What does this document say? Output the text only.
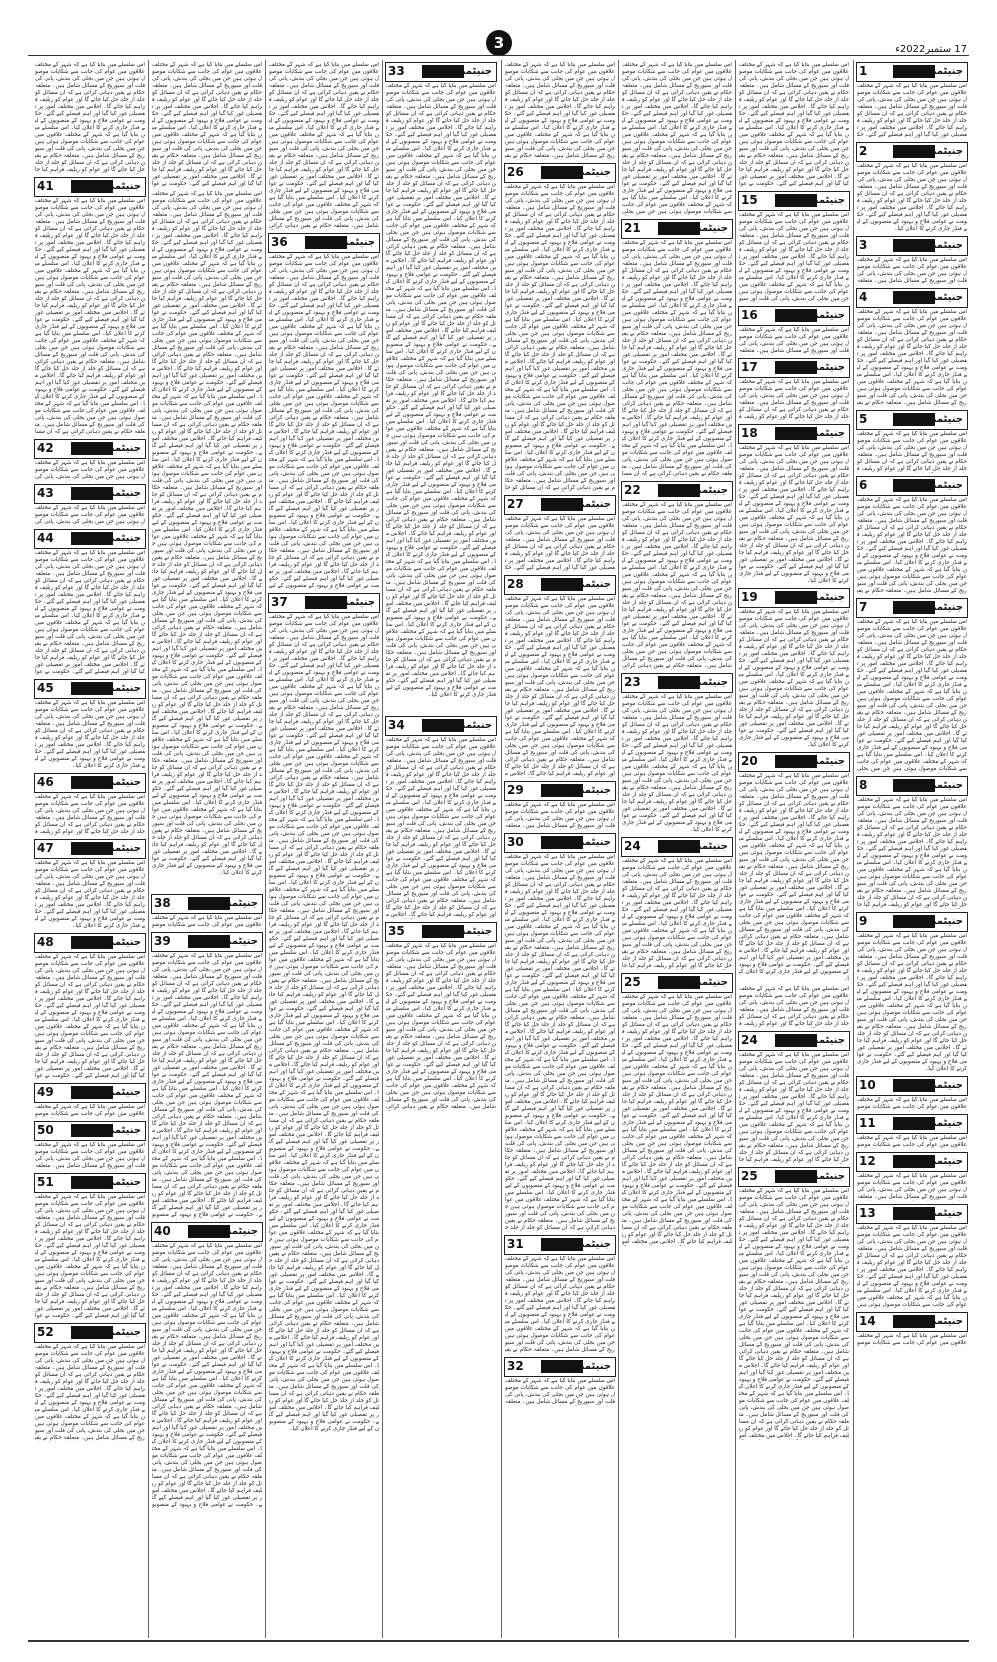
3	17 ستمبر2022ء
1	جنیٹمنر
اس سلسلے میں بتایا گیا ہے کہ شہر کے مختلف علاقوں میں عوام کی جانب سے شکایات موصول ہوئی ہیں جن میں بجلی کی بندش، پانی کی قلت اور سیوریج کے مسائل شامل ہیں۔ متعلقہ حکام نے یقین دہانی کرائی ہے کہ ان مسائل کو جلد از جلد حل کیا جائے گا اور عوام کو ریلیف فراہم کیا جائے گا۔ اجلاس میں مختلف امور پر تفصیلی غور کیا گیا اور اہم فیصلے کیے گئے۔ حک
2	جنیٹمنر
اس سلسلے میں بتایا گیا ہے کہ شہر کے مختلف علاقوں میں عوام کی جانب سے شکایات موصول ہوئی ہیں جن میں بجلی کی بندش، پانی کی قلت اور سیوریج کے مسائل شامل ہیں۔ متعلقہ حکام نے یقین دہانی کرائی ہے کہ ان مسائل کو جلد از جلد حل کیا جائے گا اور عوام کو ریلیف فراہم کیا جائے گا۔ اجلاس میں مختلف امور پر تفصیلی غور کیا گیا اور اہم فیصلے کیے گئے۔ حکومت نے عوامی فلاح و بہبود کے منصوبوں کے لیے فنڈز جاری کرنے کا اعلان کیا۔
3	جنیٹمنر
اس سلسلے میں بتایا گیا ہے کہ شہر کے مختلف علاقوں میں عوام کی جانب سے شکایات موصول ہوئی ہیں جن میں بجلی کی بندش، پانی کی قلت اور سیوریج کے مسائل شامل ہیں۔ متعلقہ
4	جنیٹمنر
اس سلسلے میں بتایا گیا ہے کہ شہر کے مختلف علاقوں میں عوام کی جانب سے شکایات موصول ہوئی ہیں جن میں بجلی کی بندش، پانی کی قلت اور سیوریج کے مسائل شامل ہیں۔ متعلقہ حکام نے یقین دہانی کرائی ہے کہ ان مسائل کو جلد از جلد حل کیا جائے گا اور عوام کو ریلیف فراہم کیا جائے گا۔ اجلاس میں مختلف امور پر تفصیلی غور کیا گیا اور اہم فیصلے کیے گئے۔ حکومت نے عوامی فلاح و بہبود کے منصوبوں کے لیے فنڈز جاری کرنے کا اعلان کیا۔ اس سلسلے میں بتایا گیا ہے کہ شہر کے مختلف علاقوں میں عوام کی جانب سے شکایات موصول ہوئی ہیں جن میں بجلی کی بندش، پانی کی قلت اور سیوریج کے مسائل شامل ہیں۔ متعلقہ حکام نے یقی
5	جنیٹمنر
اس سلسلے میں بتایا گیا ہے کہ شہر کے مختلف علاقوں میں عوام کی جانب سے شکایات موصول ہوئی ہیں جن میں بجلی کی بندش، پانی کی قلت اور سیوریج کے مسائل شامل ہیں۔ متعلقہ حکام نے یقین دہانی کرائی ہے کہ ان مسائل کو جلد از جلد حل کیا جائے گا اور عوام کو ریلیف ف
6	جنیٹمنر
اس سلسلے میں بتایا گیا ہے کہ شہر کے مختلف علاقوں میں عوام کی جانب سے شکایات موصول ہوئی ہیں جن میں بجلی کی بندش، پانی کی قلت اور سیوریج کے مسائل شامل ہیں۔ متعلقہ حکام نے یقین دہانی کرائی ہے کہ ان مسائل کو جلد از جلد حل کیا جائے گا اور عوام کو ریلیف فراہم کیا جائے گا۔ اجلاس میں مختلف امور پر تفصیلی غور کیا گیا اور اہم فیصلے کیے گئے۔ حکومت نے عوامی فلاح و بہبود کے منصوبوں کے لیے فنڈز جاری کرنے کا اعلان کیا۔ اس سلسلے میں بتایا گیا ہے کہ شہر کے مختلف علاقوں میں عوام کی جانب سے شکایات موصول ہوئی ہیں جن میں بجلی کی بندش، پانی کی قلت اور سیوریج کے مسائل شامل ہیں۔ متعلقہ حکام نے یقی
7	جنیٹمنر
اس سلسلے میں بتایا گیا ہے کہ شہر کے مختلف علاقوں میں عوام کی جانب سے شکایات موصول ہوئی ہیں جن میں بجلی کی بندش، پانی کی قلت اور سیوریج کے مسائل شامل ہیں۔ متعلقہ حکام نے یقین دہانی کرائی ہے کہ ان مسائل کو جلد از جلد حل کیا جائے گا اور عوام کو ریلیف فراہم کیا جائے گا۔ اجلاس میں مختلف امور پر تفصیلی غور کیا گیا اور اہم فیصلے کیے گئے۔ حکومت نے عوامی فلاح و بہبود کے منصوبوں کے لیے فنڈز جاری کرنے کا اعلان کیا۔ اس سلسلے میں بتایا گیا ہے کہ شہر کے مختلف علاقوں میں عوام کی جانب سے شکایات موصول ہوئی ہیں جن میں بجلی کی بندش، پانی کی قلت اور سیوریج کے مسائل شامل ہیں۔ متعلقہ حکام نے یقین دہانی کرائی ہے کہ ان مسائل کو جلد از جلد حل کیا جائے گا اور عوام کو ریلیف فراہم کیا جائے گا۔ اجلاس میں مختلف امور پر تفصیلی غور کیا گیا اور اہم فیصلے کیے گئے۔ حکومت نے عوامی فلاح و بہبود کے منصوبوں کے لیے فنڈز جاری کرنے کا اعلان کیا۔ اس سلسلے میں بتایا گیا ہے کہ شہر کے مختلف علاقوں میں عوام کی جانب سے شکایات موصول ہوئی ہیں جن میں بجلی
8	جنیٹمنر
اس سلسلے میں بتایا گیا ہے کہ شہر کے مختلف علاقوں میں عوام کی جانب سے شکایات موصول ہوئی ہیں جن میں بجلی کی بندش، پانی کی قلت اور سیوریج کے مسائل شامل ہیں۔ متعلقہ حکام نے یقین دہانی کرائی ہے کہ ان مسائل کو جلد از جلد حل کیا جائے گا اور عوام کو ریلیف فراہم کیا جائے گا۔ اجلاس میں مختلف امور پر تفصیلی غور کیا گیا اور اہم فیصلے کیے گئے۔ حکومت نے عوامی فلاح و بہبود کے منصوبوں کے لیے فنڈز جاری کرنے کا اعلان کیا۔ اس سلسلے میں بتایا گیا ہے کہ شہر کے مختلف علاقوں میں عوام کی جانب سے شکایات موصول ہوئی ہیں جن میں بجلی کی بندش، پانی کی قلت اور سیوریج کے مسائل شامل ہیں۔ متعلقہ حکام نے یقین دہانی کرائی ہے کہ ان مسائل کو جلد از جلد حل کیا جائے گا اور عوام کو ریلیف فراہم کیا جا
9	جنیٹمنر
اس سلسلے میں بتایا گیا ہے کہ شہر کے مختلف علاقوں میں عوام کی جانب سے شکایات موصول ہوئی ہیں جن میں بجلی کی بندش، پانی کی قلت اور سیوریج کے مسائل شامل ہیں۔ متعلقہ حکام نے یقین دہانی کرائی ہے کہ ان مسائل کو جلد از جلد حل کیا جائے گا اور عوام کو ریلیف فراہم کیا جائے گا۔ اجلاس میں مختلف امور پر تفصیلی غور کیا گیا اور اہم فیصلے کیے گئے۔ حکومت نے عوامی فلاح و بہبود کے منصوبوں کے لیے فنڈز جاری کرنے کا اعلان کیا۔ اس سلسلے میں بتایا گیا ہے کہ شہر کے مختلف علاقوں میں عوام کی جانب سے شکایات موصول ہوئی ہیں جن میں بجلی کی بندش، پانی کی قلت اور سیوریج کے مسائل شامل ہیں۔ متعلقہ حکام نے یقین دہانی کرائی ہے کہ ان مسائل کو جلد از جلد حل کیا جائے گا اور عوام کو ریلیف فراہم کیا جائے گا۔ اجلاس میں مختلف امور پر تفصیلی غور کیا گیا اور اہم فیصلے کیے گئے۔ حکومت نے عوامی فلاح و بہبود کے منصوبوں کے لیے فنڈز جاری کرنے کا اعلان کیا۔
10	جنیٹمنر
اس سلسلے میں بتایا گیا ہے کہ شہر کے مختلف علاقوں میں عوام کی جانب سے شکایات موصو
11	جنیٹمنر
اس سلسلے میں بتایا گیا ہے کہ شہر کے مختلف علاقوں میں عوام کی جانب سے شکایات موصو
12	جنیٹمنر
اس سلسلے میں بتایا گیا ہے کہ شہر کے مختلف علاقوں میں عوام کی جانب سے شکایات موصول ہوئی ہیں جن میں بجلی کی بندش، پانی کی قلت اور سیوریج کے مسائل شامل ہیں۔ متعلقہ
13	جنیٹمنر
اس سلسلے میں بتایا گیا ہے کہ شہر کے مختلف علاقوں میں عوام کی جانب سے شکایات موصول ہوئی ہیں جن میں بجلی کی بندش، پانی کی قلت اور سیوریج کے مسائل شامل ہیں۔ متعلقہ حکام نے یقین دہانی کرائی ہے کہ ان مسائل کو جلد از جلد حل کیا جائے گا اور عوام کو ریلیف فراہم کیا جائے گا۔ اجلاس میں مختلف امور پر تفصیلی غور کیا گیا اور اہم فیصلے کیے گئے۔ حکومت نے عوامی فلاح و بہبود کے منصوبوں کے لیے فنڈز جاری کرنے کا اعلان کیا۔ اس سلسلے میں بتایا گیا ہے کہ شہر کے مختلف علاقوں میں عوام کی جانب سے شکایات موصول ہوئی ہیں
14	جنیٹمنر
اس سلسلے میں بتایا گیا ہے کہ شہر کے مختلف علاقوں میں عوام کی جانب سے شکایات موصو
اس سلسلے میں بتایا گیا ہے کہ شہر کے مختلف علاقوں میں عوام کی جانب سے شکایات موصول ہوئی ہیں جن میں بجلی کی بندش، پانی کی قلت اور سیوریج کے مسائل شامل ہیں۔ متعلقہ حکام نے یقین دہانی کرائی ہے کہ ان مسائل کو جلد از جلد حل کیا جائے گا اور عوام کو ریلیف فراہم کیا جائے گا۔ اجلاس میں مختلف امور پر تفصیلی غور کیا گیا اور اہم فیصلے کیے گئے۔ حکومت نے عوامی فلاح و بہبود کے منصوبوں کے لیے فنڈز جاری کرنے کا اعلان کیا۔ اس سلسلے میں بتایا گیا ہے کہ شہر کے مختلف علاقوں میں عوام کی جانب سے شکایات موصول ہوئی ہیں جن میں بجلی کی بندش، پانی کی قلت اور سیوریج کے مسائل شامل ہیں۔ متعلقہ حکام نے یقین دہانی کرائی ہے کہ ان مسائل کو جلد از جلد حل کیا جائے گا اور عوام کو ریلیف فراہم کیا جائے گا۔ اجلاس میں مختلف امور پر تفصیلی غور کیا گیا اور اہم فیصلے کیے گئے۔ حکومت نے عوا
15	جنیٹمنر
اس سلسلے میں بتایا گیا ہے کہ شہر کے مختلف علاقوں میں عوام کی جانب سے شکایات موصول ہوئی ہیں جن میں بجلی کی بندش، پانی کی قلت اور سیوریج کے مسائل شامل ہیں۔ متعلقہ حکام نے یقین دہانی کرائی ہے کہ ان مسائل کو جلد از جلد حل کیا جائے گا اور عوام کو ریلیف فراہم کیا جائے گا۔ اجلاس میں مختلف امور پر تفصیلی غور کیا گیا اور اہم فیصلے کیے گئے۔ حکومت نے عوامی فلاح و بہبود کے منصوبوں کے لیے فنڈز جاری کرنے کا اعلان کیا۔ اس سلسلے میں بتایا گیا ہے کہ شہر کے مختلف علاقوں میں عوام کی جانب سے شکایات موصول ہوئی ہیں جن میں بجلی کی بندش، پانی کی قلت اور سیو
16	جنیٹمنر
اس سلسلے میں بتایا گیا ہے کہ شہر کے مختلف علاقوں میں عوام کی جانب سے شکایات موصول ہوئی ہیں جن میں بجلی کی بندش، پانی کی قلت اور سیوریج کے مسائل شامل ہیں۔ متعلقہ
17	جنیٹمنر
اس سلسلے میں بتایا گیا ہے کہ شہر کے مختلف علاقوں میں عوام کی جانب سے شکایات موصول ہوئی ہیں جن میں بجلی کی بندش، پانی کی قلت اور سیوریج کے مسائل شامل ہیں۔ متعلقہ حکام نے یقین دہانی کرائی ہے کہ ان مسائل کو جلد از جلد حل کیا جائے گا اور عوام کو ریلیف ف
18	جنیٹمنر
اس سلسلے میں بتایا گیا ہے کہ شہر کے مختلف علاقوں میں عوام کی جانب سے شکایات موصول ہوئی ہیں جن میں بجلی کی بندش، پانی کی قلت اور سیوریج کے مسائل شامل ہیں۔ متعلقہ حکام نے یقین دہانی کرائی ہے کہ ان مسائل کو جلد از جلد حل کیا جائے گا اور عوام کو ریلیف فراہم کیا جائے گا۔ اجلاس میں مختلف امور پر تفصیلی غور کیا گیا اور اہم فیصلے کیے گئے۔ حکومت نے عوامی فلاح و بہبود کے منصوبوں کے لیے فنڈز جاری کرنے کا اعلان کیا۔ اس سلسلے میں بتایا گیا ہے کہ شہر کے مختلف علاقوں میں عوام کی جانب سے شکایات موصول ہوئی ہیں جن میں بجلی کی بندش، پانی کی قلت اور سیوریج کے مسائل شامل ہیں۔ متعلقہ حکام نے یقین دہانی کرائی ہے کہ ان مسائل کو جلد از جلد حل کیا جائے گا اور عوام کو ریلیف فراہم کیا جائے گا۔ اجلاس میں مختلف امور پر تفصیلی غور کیا گیا اور اہم فیصلے کیے گئے۔ حکومت نے عوامی فلاح و بہبود کے منصوبوں کے لیے فنڈز جاری کرنے کا اعلان کیا۔
19	جنیٹمنر
اس سلسلے میں بتایا گیا ہے کہ شہر کے مختلف علاقوں میں عوام کی جانب سے شکایات موصول ہوئی ہیں جن میں بجلی کی بندش، پانی کی قلت اور سیوریج کے مسائل شامل ہیں۔ متعلقہ حکام نے یقین دہانی کرائی ہے کہ ان مسائل کو جلد از جلد حل کیا جائے گا اور عوام کو ریلیف فراہم کیا جائے گا۔ اجلاس میں مختلف امور پر تفصیلی غور کیا گیا اور اہم فیصلے کیے گئے۔ حکومت نے عوامی فلاح و بہبود کے منصوبوں کے لیے فنڈز جاری کرنے کا اعلان کیا۔ اس سلسلے میں بتایا گیا ہے کہ شہر کے مختلف علاقوں میں عوام کی جانب سے شکایات موصول ہوئی ہیں جن میں بجلی کی بندش، پانی کی قلت اور سیوریج کے مسائل شامل ہیں۔ متعلقہ حکام نے یقین دہانی کرائی ہے کہ ان مسائل کو جلد از جلد حل کیا جائے گا اور عوام کو ریلیف فراہم کیا جائے گا۔ اجلاس میں مختلف امور پر تفصیلی غور کیا گیا اور اہم فیصلے کیے گئے۔ حکومت نے عوامی فلاح و بہبود کے منصوبوں کے لیے فنڈز جاری کرنے کا اعلان کیا۔
20	جنیٹمنر
اس سلسلے میں بتایا گیا ہے کہ شہر کے مختلف علاقوں میں عوام کی جانب سے شکایات موصول ہوئی ہیں جن میں بجلی کی بندش، پانی کی قلت اور سیوریج کے مسائل شامل ہیں۔ متعلقہ حکام نے یقین دہانی کرائی ہے کہ ان مسائل کو جلد از جلد حل کیا جائے گا اور عوام کو ریلیف فراہم کیا جائے گا۔ اجلاس میں مختلف امور پر تفصیلی غور کیا گیا اور اہم فیصلے کیے گئے۔ حکومت نے عوامی فلاح و بہبود کے منصوبوں کے لیے فنڈز جاری کرنے کا اعلان کیا۔ اس سلسلے میں بتایا گیا ہے کہ شہر کے مختلف علاقوں میں عوام کی جانب سے شکایات موصول ہوئی ہیں جن میں بجلی کی بندش، پانی کی قلت اور سیوریج کے مسائل شامل ہیں۔ متعلقہ حکام نے یقین دہانی کرائی ہے کہ ان مسائل کو جلد از جلد حل کیا جائے گا اور عوام کو ریلیف فراہم کیا جائے گا۔ اجلاس میں مختلف امور پر تفصیلی غور کیا گیا اور اہم فیصلے کیے گئے۔ حکومت نے عوامی فلاح و بہبود کے منصوبوں کے لیے فنڈز جاری کرنے کا اعلان کیا۔ اس سلسلے میں بتایا گیا ہے کہ شہر کے مختلف علاقوں میں عوام کی جانب سے شکایات موصول ہوئی ہیں جن میں بجلی کی بندش، پانی کی قلت اور سیوریج کے مسائل شامل ہیں۔ متعلقہ حکام نے یقین دہانی کرائی ہے کہ ان مسائل کو جلد از جلد حل کیا جائے گا اور عوام کو ریلیف فراہم کیا جائے گا۔ اجلاس میں مختلف امور پر تفصیلی غور کیا گیا اور اہم فیصلے کیے گئے۔ حکومت نے عوامی فلاح و بہبود کے منصوبوں کے لیے فنڈز جاری کرنے کا اعلان کیا۔
اس سلسلے میں بتایا گیا ہے کہ شہر کے مختلف علاقوں میں عوام کی جانب سے شکایات موصول ہوئی ہیں جن میں بجلی کی بندش، پانی کی قلت اور سیوریج کے مسائل شامل ہیں۔ متعلقہ حکام نے یقین دہانی کرائی ہے کہ ان مسائل کو جلد از جلد حل کیا جائے گا اور عوام کو ریلیف ف
24	جنیٹمنر
اس سلسلے میں بتایا گیا ہے کہ شہر کے مختلف علاقوں میں عوام کی جانب سے شکایات موصول ہوئی ہیں جن میں بجلی کی بندش، پانی کی قلت اور سیوریج کے مسائل شامل ہیں۔ متعلقہ حکام نے یقین دہانی کرائی ہے کہ ان مسائل کو جلد از جلد حل کیا جائے گا اور عوام کو ریلیف فراہم کیا جائے گا۔ اجلاس میں مختلف امور پر تفصیلی غور کیا گیا اور اہم فیصلے کیے گئے۔ حکومت نے عوامی فلاح و بہبود کے منصوبوں کے لیے فنڈز جاری کرنے کا اعلان کیا۔ اس سلسلے میں بتایا گیا ہے کہ شہر کے مختلف علاقوں میں عوام کی جانب سے شکایات موصول ہوئی ہیں جن میں بجلی کی بندش، پانی کی قلت اور سیوریج کے مسائل شامل ہیں۔ متعلقہ حکام نے یقین دہانی کرائی ہے کہ ان مسائل کو جلد از جلد حل کیا جائے گا اور عوام کو ریلیف فراہم کیا جا
25	جنیٹمنر
اس سلسلے میں بتایا گیا ہے کہ شہر کے مختلف علاقوں میں عوام کی جانب سے شکایات موصول ہوئی ہیں جن میں بجلی کی بندش، پانی کی قلت اور سیوریج کے مسائل شامل ہیں۔ متعلقہ حکام نے یقین دہانی کرائی ہے کہ ان مسائل کو جلد از جلد حل کیا جائے گا اور عوام کو ریلیف فراہم کیا جائے گا۔ اجلاس میں مختلف امور پر تفصیلی غور کیا گیا اور اہم فیصلے کیے گئے۔ حکومت نے عوامی فلاح و بہبود کے منصوبوں کے لیے فنڈز جاری کرنے کا اعلان کیا۔ اس سلسلے میں بتایا گیا ہے کہ شہر کے مختلف علاقوں میں عوام کی جانب سے شکایات موصول ہوئی ہیں جن میں بجلی کی بندش، پانی کی قلت اور سیوریج کے مسائل شامل ہیں۔ متعلقہ حکام نے یقین دہانی کرائی ہے کہ ان مسائل کو جلد از جلد حل کیا جائے گا اور عوام کو ریلیف فراہم کیا جائے گا۔ اجلاس میں مختلف امور پر تفصیلی غور کیا گیا اور اہم فیصلے کیے گئے۔ حکومت نے عوامی فلاح و بہبود کے منصوبوں کے لیے فنڈز جاری کرنے کا اعلان کیا۔ اس سلسلے میں بتایا گیا ہے کہ شہر کے مختلف علاقوں میں عوام کی جانب سے شکایات موصول ہوئی ہیں جن میں بجلی کی بندش، پانی کی قلت اور سیوریج کے مسائل شامل ہیں۔ متعلقہ حکام نے یقین دہانی کرائی ہے کہ ان مسائل کو جلد از جلد حل کیا جائے گا اور عوام کو ریلیف فراہم کیا جائے گا۔ اجلاس میں مختلف امور پر تفصیلی غور کیا گیا اور اہم فیصلے کیے گئے۔ حکومت نے عوامی فلاح و بہبود کے منصوبوں کے لیے فنڈز جاری کرنے کا اعلان کیا۔ اس سلسلے میں بتایا گیا ہے کہ شہر کے مختلف علاقوں میں عوام کی جانب سے شکایات موصول ہوئی ہیں جن میں بجلی کی بندش، پانی کی قلت اور سیوریج کے مسائل شامل ہیں۔ متعلقہ حکام نے یقین دہانی کرائی ہے کہ ان مسائل کو جلد از جلد حل کیا جائے گا اور عوام کو ریلیف فراہم کیا جائے گا۔ اجلاس میں مختلف امو
اس سلسلے میں بتایا گیا ہے کہ شہر کے مختلف علاقوں میں عوام کی جانب سے شکایات موصول ہوئی ہیں جن میں بجلی کی بندش، پانی کی قلت اور سیوریج کے مسائل شامل ہیں۔ متعلقہ حکام نے یقین دہانی کرائی ہے کہ ان مسائل کو جلد از جلد حل کیا جائے گا اور عوام کو ریلیف فراہم کیا جائے گا۔ اجلاس میں مختلف امور پر تفصیلی غور کیا گیا اور اہم فیصلے کیے گئے۔ حکومت نے عوامی فلاح و بہبود کے منصوبوں کے لیے فنڈز جاری کرنے کا اعلان کیا۔ اس سلسلے میں بتایا گیا ہے کہ شہر کے مختلف علاقوں میں عوام کی جانب سے شکایات موصول ہوئی ہیں جن میں بجلی کی بندش، پانی کی قلت اور سیوریج کے مسائل شامل ہیں۔ متعلقہ حکام نے یقین دہانی کرائی ہے کہ ان مسائل کو جلد از جلد حل کیا جائے گا اور عوام کو ریلیف فراہم کیا جائے گا۔ اجلاس میں مختلف امور پر تفصیلی غور کیا گیا اور اہم فیصلے کیے گئے۔ حکومت نے عوامی فلاح و بہبود کے منصوبوں کے لیے فنڈز جاری کرنے کا اعلان کیا۔ اس سلسلے میں بتایا گیا ہے کہ شہر کے مختلف علاقوں میں عوام کی جانب سے شکایات موصول ہوئی ہیں جن میں بجلی
21	جنیٹمنر
اس سلسلے میں بتایا گیا ہے کہ شہر کے مختلف علاقوں میں عوام کی جانب سے شکایات موصول ہوئی ہیں جن میں بجلی کی بندش، پانی کی قلت اور سیوریج کے مسائل شامل ہیں۔ متعلقہ حکام نے یقین دہانی کرائی ہے کہ ان مسائل کو جلد از جلد حل کیا جائے گا اور عوام کو ریلیف فراہم کیا جائے گا۔ اجلاس میں مختلف امور پر تفصیلی غور کیا گیا اور اہم فیصلے کیے گئے۔ حکومت نے عوامی فلاح و بہبود کے منصوبوں کے لیے فنڈز جاری کرنے کا اعلان کیا۔ اس سلسلے میں بتایا گیا ہے کہ شہر کے مختلف علاقوں میں عوام کی جانب سے شکایات موصول ہوئی ہیں جن میں بجلی کی بندش، پانی کی قلت اور سیوریج کے مسائل شامل ہیں۔ متعلقہ حکام نے یقین دہانی کرائی ہے کہ ان مسائل کو جلد از جلد حل کیا جائے گا اور عوام کو ریلیف فراہم کیا جائے گا۔ اجلاس میں مختلف امور پر تفصیلی غور کیا گیا اور اہم فیصلے کیے گئے۔ حکومت نے عوامی فلاح و بہبود کے منصوبوں کے لیے فنڈز جاری کرنے کا اعلان کیا۔ اس سلسلے میں بتایا گیا ہے کہ شہر کے مختلف علاقوں میں عوام کی جانب سے شکایات موصول ہوئی ہیں جن میں بجلی کی بندش، پانی کی قلت اور سیوریج کے مسائل شامل ہیں۔ متعلقہ حکام نے یقین دہانی کرائی ہے کہ ان مسائل کو جلد از جلد حل کیا جائے گا اور عوام کو ریلیف فراہم کیا جائے گا۔ اجلاس میں مختلف امور پر تفصیلی غور کیا گیا اور اہم فیصلے کیے گئے۔ حکومت نے عوامی فلاح و بہبود کے منصوبوں کے لیے فنڈز جاری کرنے کا اعلان کیا۔ اس سلسلے میں بتایا گیا ہے کہ شہر کے مختلف علاقوں میں عوام کی جانب سے شکایات موصول ہوئی ہیں جن میں بجلی کی بندش، پانی کی قلت اور سیوریج کے مسائل شامل ہیں۔ متعلقہ حکام نے یقین دہانی کرائی ہے کہ ان مسا
22	جنیٹمنر
اس سلسلے میں بتایا گیا ہے کہ شہر کے مختلف علاقوں میں عوام کی جانب سے شکایات موصول ہوئی ہیں جن میں بجلی کی بندش، پانی کی قلت اور سیوریج کے مسائل شامل ہیں۔ متعلقہ حکام نے یقین دہانی کرائی ہے کہ ان مسائل کو جلد از جلد حل کیا جائے گا اور عوام کو ریلیف فراہم کیا جائے گا۔ اجلاس میں مختلف امور پر تفصیلی غور کیا گیا اور اہم فیصلے کیے گئے۔ حکومت نے عوامی فلاح و بہبود کے منصوبوں کے لیے فنڈز جاری کرنے کا اعلان کیا۔ اس سلسلے میں بتایا گیا ہے کہ شہر کے مختلف علاقوں میں عوام کی جانب سے شکایات موصول ہوئی ہیں جن میں بجلی کی بندش، پانی کی قلت اور سیوریج کے مسائل شامل ہیں۔ متعلقہ حکام نے یقین دہانی کرائی ہے کہ ان مسائل کو جلد از جلد حل کیا جائے گا اور عوام کو ریلیف فراہم کیا جائے گا۔ اجلاس میں مختلف امور پر تفصیلی غور کیا گیا اور اہم فیصلے کیے گئے۔ حکومت نے عوامی فلاح و بہبود کے منصوبوں کے لیے فنڈز جاری کرنے کا اعلان کیا۔ اس سلسلے میں بتایا گیا ہے کہ شہر کے مختلف علاقوں میں عوام کی جانب سے شکایات موصول ہوئی ہیں جن میں بجلی کی بندش، پانی کی قلت اور سیوریج کے مسائل شامل ہیں۔ متعلقہ حکام نے یقین دہانی کرائی
23	جنیٹمنر
اس سلسلے میں بتایا گیا ہے کہ شہر کے مختلف علاقوں میں عوام کی جانب سے شکایات موصول ہوئی ہیں جن میں بجلی کی بندش، پانی کی قلت اور سیوریج کے مسائل شامل ہیں۔ متعلقہ حکام نے یقین دہانی کرائی ہے کہ ان مسائل کو جلد از جلد حل کیا جائے گا اور عوام کو ریلیف فراہم کیا جائے گا۔ اجلاس میں مختلف امور پر تفصیلی غور کیا گیا اور اہم فیصلے کیے گئے۔ حکومت نے عوامی فلاح و بہبود کے منصوبوں کے لیے فنڈز جاری کرنے کا اعلان کیا۔ اس سلسلے میں بتایا گیا ہے کہ شہر کے مختلف علاقوں میں عوام کی جانب سے شکایات موصول ہوئی ہیں جن میں بجلی کی بندش، پانی کی قلت اور سیوریج کے مسائل شامل ہیں۔ متعلقہ حکام نے یقین دہانی کرائی ہے کہ ان مسائل کو جلد از جلد حل کیا جائے گا اور عوام کو ریلیف فراہم کیا جائے گا۔ اجلاس میں مختلف امور پر تفصیلی غور کیا گیا اور اہم فیصلے کیے گئے۔ حکومت نے عوامی فلاح و بہبود کے منصوبوں کے لیے فنڈز جاری کرنے کا اعلان کیا۔
24	جنیٹمنر
اس سلسلے میں بتایا گیا ہے کہ شہر کے مختلف علاقوں میں عوام کی جانب سے شکایات موصول ہوئی ہیں جن میں بجلی کی بندش، پانی کی قلت اور سیوریج کے مسائل شامل ہیں۔ متعلقہ حکام نے یقین دہانی کرائی ہے کہ ان مسائل کو جلد از جلد حل کیا جائے گا اور عوام کو ریلیف فراہم کیا جائے گا۔ اجلاس میں مختلف امور پر تفصیلی غور کیا گیا اور اہم فیصلے کیے گئے۔ حکومت نے عوامی فلاح و بہبود کے منصوبوں کے لیے فنڈز جاری کرنے کا اعلان کیا۔ اس سلسلے میں بتایا گیا ہے کہ شہر کے مختلف علاقوں میں عوام کی جانب سے شکایات موصول ہوئی ہیں جن میں بجلی کی بندش، پانی کی قلت اور سیوریج کے مسائل شامل ہیں۔ متعلقہ حکام نے یقین دہانی کرائی ہے کہ ان مسائل کو جلد از جلد حل کیا جائے گا اور عوام کو ریلیف فراہم کیا جا
25	جنیٹمنر
اس سلسلے میں بتایا گیا ہے کہ شہر کے مختلف علاقوں میں عوام کی جانب سے شکایات موصول ہوئی ہیں جن میں بجلی کی بندش، پانی کی قلت اور سیوریج کے مسائل شامل ہیں۔ متعلقہ حکام نے یقین دہانی کرائی ہے کہ ان مسائل کو جلد از جلد حل کیا جائے گا اور عوام کو ریلیف فراہم کیا جائے گا۔ اجلاس میں مختلف امور پر تفصیلی غور کیا گیا اور اہم فیصلے کیے گئے۔ حکومت نے عوامی فلاح و بہبود کے منصوبوں کے لیے فنڈز جاری کرنے کا اعلان کیا۔ اس سلسلے میں بتایا گیا ہے کہ شہر کے مختلف علاقوں میں عوام کی جانب سے شکایات موصول ہوئی ہیں جن میں بجلی کی بندش، پانی کی قلت اور سیوریج کے مسائل شامل ہیں۔ متعلقہ حکام نے یقین دہانی کرائی ہے کہ ان مسائل کو جلد از جلد حل کیا جائے گا اور عوام کو ریلیف فراہم کیا جائے گا۔ اجلاس میں مختلف امور پر تفصیلی غور کیا گیا اور اہم فیصلے کیے گئے۔ حکومت نے عوامی فلاح و بہبود کے منصوبوں کے لیے فنڈز جاری کرنے کا اعلان کیا۔ اس سلسلے میں بتایا گیا ہے کہ شہر کے مختلف علاقوں میں عوام کی جانب سے شکایات موصول ہوئی ہیں جن میں بجلی کی بندش، پانی کی قلت اور سیوریج کے مسائل شامل ہیں۔ متعلقہ حکام نے یقین دہانی کرائی ہے کہ ان مسائل کو جلد از جلد حل کیا جائے گا اور عوام کو ریلیف فراہم کیا جائے گا۔ اجلاس میں مختلف امور پر تفصیلی غور کیا گیا اور اہم فیصلے کیے گئے۔ حکومت نے عوامی فلاح و بہبود کے منصوبوں کے لیے فنڈز جاری کرنے کا اعلان کیا۔ اس سلسلے میں بتایا گیا ہے کہ شہر کے مختلف علاقوں میں عوام کی جانب سے شکایات موصول ہوئی ہیں جن میں بجلی کی بندش، پانی کی قلت اور سیوریج کے مسائل شامل ہیں۔ متعلقہ حکام نے یقین دہانی کرائی ہے کہ ان مسائل کو جلد از جلد حل کیا جائے گا اور عوام کو ریلیف فراہم کیا جائے گا۔ اجلاس میں مختلف امو
اس سلسلے میں بتایا گیا ہے کہ شہر کے مختلف علاقوں میں عوام کی جانب سے شکایات موصول ہوئی ہیں جن میں بجلی کی بندش، پانی کی قلت اور سیوریج کے مسائل شامل ہیں۔ متعلقہ حکام نے یقین دہانی کرائی ہے کہ ان مسائل کو جلد از جلد حل کیا جائے گا اور عوام کو ریلیف فراہم کیا جائے گا۔ اجلاس میں مختلف امور پر تفصیلی غور کیا گیا اور اہم فیصلے کیے گئے۔ حکومت نے عوامی فلاح و بہبود کے منصوبوں کے لیے فنڈز جاری کرنے کا اعلان کیا۔ اس سلسلے میں بتایا گیا ہے کہ شہر کے مختلف علاقوں میں عوام کی جانب سے شکایات موصول ہوئی ہیں جن میں بجلی کی بندش، پانی کی قلت اور سیوریج کے مسائل شامل ہیں۔ متعلقہ حکام نے یقی
26	جنیٹمنر
اس سلسلے میں بتایا گیا ہے کہ شہر کے مختلف علاقوں میں عوام کی جانب سے شکایات موصول ہوئی ہیں جن میں بجلی کی بندش، پانی کی قلت اور سیوریج کے مسائل شامل ہیں۔ متعلقہ حکام نے یقین دہانی کرائی ہے کہ ان مسائل کو جلد از جلد حل کیا جائے گا اور عوام کو ریلیف فراہم کیا جائے گا۔ اجلاس میں مختلف امور پر تفصیلی غور کیا گیا اور اہم فیصلے کیے گئے۔ حکومت نے عوامی فلاح و بہبود کے منصوبوں کے لیے فنڈز جاری کرنے کا اعلان کیا۔ اس سلسلے میں بتایا گیا ہے کہ شہر کے مختلف علاقوں میں عوام کی جانب سے شکایات موصول ہوئی ہیں جن میں بجلی کی بندش، پانی کی قلت اور سیوریج کے مسائل شامل ہیں۔ متعلقہ حکام نے یقین دہانی کرائی ہے کہ ان مسائل کو جلد از جلد حل کیا جائے گا اور عوام کو ریلیف فراہم کیا جائے گا۔ اجلاس میں مختلف امور پر تفصیلی غور کیا گیا اور اہم فیصلے کیے گئے۔ حکومت نے عوامی فلاح و بہبود کے منصوبوں کے لیے فنڈز جاری کرنے کا اعلان کیا۔ اس سلسلے میں بتایا گیا ہے کہ شہر کے مختلف علاقوں میں عوام کی جانب سے شکایات موصول ہوئی ہیں جن میں بجلی کی بندش، پانی کی قلت اور سیوریج کے مسائل شامل ہیں۔ متعلقہ حکام نے یقین دہانی کرائی ہے کہ ان مسائل کو جلد از جلد حل کیا جائے گا اور عوام کو ریلیف فراہم کیا جائے گا۔ اجلاس میں مختلف امور پر تفصیلی غور کیا گیا اور اہم فیصلے کیے گئے۔ حکومت نے عوامی فلاح و بہبود کے منصوبوں کے لیے فنڈز جاری کرنے کا اعلان کیا۔ اس سلسلے میں بتایا گیا ہے کہ شہر کے مختلف علاقوں میں عوام کی جانب سے شکایات موصول ہوئی ہیں جن میں بجلی کی بندش، پانی کی قلت اور سیوریج کے مسائل شامل ہیں۔ متعلقہ حکام نے یقین دہانی کرائی ہے کہ ان مسائل کو جلد از جلد حل کیا جائے گا اور عوام کو ریلیف فراہم کیا جائے گا۔ اجلاس میں مختلف امور پر تفصیلی غور کیا گیا اور اہم فیصلے کیے گئے۔ حکومت نے عوامی فلاح و بہبود کے منصوبوں کے لیے فنڈز جاری کرنے کا اعلان کیا۔ اس سلسلے میں بتایا گیا ہے کہ شہر کے مختلف علاقوں میں عوام کی جانب سے شکایات موصول ہوئی ہیں جن میں بجلی کی بندش، پانی کی قلت اور سیوریج کے مسائل شامل ہیں۔ متعلقہ حکام نے یقین دہانی کرائی ہے کہ ان مسائل کو جل
27	جنیٹمنر
اس سلسلے میں بتایا گیا ہے کہ شہر کے مختلف علاقوں میں عوام کی جانب سے شکایات موصول ہوئی ہیں جن میں بجلی کی بندش، پانی کی قلت اور سیوریج کے مسائل شامل ہیں۔ متعلقہ حکام نے یقین دہانی کرائی ہے کہ ان مسائل کو جلد از جلد حل کیا جائے گا اور عوام کو ریلیف فراہم کیا جائے گا۔ اجلاس میں مختلف امور پر تفصیلی غور کیا گیا اور اہم فیصلے کیے گئے۔ حک
28	جنیٹمنر
اس سلسلے میں بتایا گیا ہے کہ شہر کے مختلف علاقوں میں عوام کی جانب سے شکایات موصول ہوئی ہیں جن میں بجلی کی بندش، پانی کی قلت اور سیوریج کے مسائل شامل ہیں۔ متعلقہ حکام نے یقین دہانی کرائی ہے کہ ان مسائل کو جلد از جلد حل کیا جائے گا اور عوام کو ریلیف فراہم کیا جائے گا۔ اجلاس میں مختلف امور پر تفصیلی غور کیا گیا اور اہم فیصلے کیے گئے۔ حکومت نے عوامی فلاح و بہبود کے منصوبوں کے لیے فنڈز جاری کرنے کا اعلان کیا۔ اس سلسلے میں بتایا گیا ہے کہ شہر کے مختلف علاقوں میں عوام کی جانب سے شکایات موصول ہوئی ہیں جن میں بجلی کی بندش، پانی کی قلت اور سیوریج کے مسائل شامل ہیں۔ متعلقہ حکام نے یقین دہانی کرائی ہے کہ ان مسائل کو جلد از جلد حل کیا جائے گا اور عوام کو ریلیف فراہم کیا جائے گا۔ اجلاس میں مختلف امور پر تفصیلی غور کیا گیا اور اہم فیصلے کیے گئے۔ حکومت نے عوامی فلاح و بہبود کے منصوبوں کے لیے فنڈز جاری کرنے کا اعلان کیا۔ اس سلسلے میں بتایا گیا ہے کہ شہر کے مختلف علاقوں میں عوام کی جانب سے شکایات موصول ہوئی ہیں جن میں بجلی کی بندش، پانی کی قلت اور سیوریج کے مسائل شامل ہیں۔ متعلقہ حکام نے یقین دہانی کرائی ہے کہ ان مسائل کو جلد از جلد حل کیا جائے گا اور عوام کو ریلیف فراہم کیا جائے گا۔ اجلاس م
29	جنیٹمنر
اس سلسلے میں بتایا گیا ہے کہ شہر کے مختلف علاقوں میں عوام کی جانب سے شکایات موصول ہوئی ہیں جن میں بجلی کی بندش، پانی کی قلت اور سیوریج کے مسائل شامل ہیں۔ متعلقہ
30	جنیٹمنر
اس سلسلے میں بتایا گیا ہے کہ شہر کے مختلف علاقوں میں عوام کی جانب سے شکایات موصول ہوئی ہیں جن میں بجلی کی بندش، پانی کی قلت اور سیوریج کے مسائل شامل ہیں۔ متعلقہ حکام نے یقین دہانی کرائی ہے کہ ان مسائل کو جلد از جلد حل کیا جائے گا اور عوام کو ریلیف فراہم کیا جائے گا۔ اجلاس میں مختلف امور پر تفصیلی غور کیا گیا اور اہم فیصلے کیے گئے۔ حکومت نے عوامی فلاح و بہبود کے منصوبوں کے لیے فنڈز جاری کرنے کا اعلان کیا۔ اس سلسلے میں بتایا گیا ہے کہ شہر کے مختلف علاقوں میں عوام کی جانب سے شکایات موصول ہوئی ہیں جن میں بجلی کی بندش، پانی کی قلت اور سیوریج کے مسائل شامل ہیں۔ متعلقہ حکام نے یقین دہانی کرائی ہے کہ ان مسائل کو جلد از جلد حل کیا جائے گا اور عوام کو ریلیف فراہم کیا جائے گا۔ اجلاس میں مختلف امور پر تفصیلی غور کیا گیا اور اہم فیصلے کیے گئے۔ حکومت نے عوامی فلاح و بہبود کے منصوبوں کے لیے فنڈز جاری کرنے کا اعلان کیا۔ اس سلسلے میں بتایا گیا ہے کہ شہر کے مختلف علاقوں میں عوام کی جانب سے شکایات موصول ہوئی ہیں جن میں بجلی کی بندش، پانی کی قلت اور سیوریج کے مسائل شامل ہیں۔ متعلقہ حکام نے یقین دہانی کرائی ہے کہ ان مسائل کو جلد از جلد حل کیا جائے گا اور عوام کو ریلیف فراہم کیا جائے گا۔ اجلاس میں مختلف امور پر تفصیلی غور کیا گیا اور اہم فیصلے کیے گئے۔ حکومت نے عوامی فلاح و بہبود کے منصوبوں کے لیے فنڈز جاری کرنے کا اعلان کیا۔ اس سلسلے میں بتایا گیا ہے کہ شہر کے مختلف علاقوں میں عوام کی جانب سے شکایات موصول ہوئی ہیں جن میں بجلی کی بندش، پانی کی قلت اور سیوریج کے مسائل شامل ہیں۔ متعلقہ حکام نے یقین دہانی کرائی ہے کہ ان مسائل کو جلد از جلد حل کیا جائے گا اور عوام کو ریلیف فراہم کیا جائے گا۔ اجلاس میں مختلف امور پر تفصیلی غور کیا گیا اور اہم فیصلے کیے گئے۔ حکومت نے عوامی فلاح و بہبود کے منصوبوں کے لیے فنڈز جاری کرنے کا اعلان کیا۔ اس سلسلے میں بتایا گیا ہے کہ شہر کے مختلف علاقوں میں عوام کی جانب سے شکایات موصول ہوئی ہیں جن میں بجلی کی بندش، پانی کی قلت اور سیوریج کے مسائل شامل ہیں۔ متعلقہ حکام نے یقین دہانی کرائی ہے کہ ان مسائل کو جلد از جلد حل کیا جائے گا اور عوام کو ریلیف فراہم کیا جائے گا۔ اجلاس میں مختلف امور پر تفصیلی غور کیا گیا اور اہم فیصلے کیے گئے۔ حکومت نے عوامی فلاح و بہبود کے منصوبوں کے لیے فنڈز جاری کرنے کا اعلان کیا۔ اس سلسلے میں بتایا گیا ہے کہ شہر کے مختلف علاقوں میں عوام کی جانب سے شکایات موصول ہوئی ہیں جن میں بجلی کی بندش، پانی کی قلت اور سیوریج کے مسائل شامل ہیں۔ متعلقہ حکام نے یقین دہانی کرائی ہے کہ ان مسائل کو جلد از جلد ح
31	جنیٹمنر
اس سلسلے میں بتایا گیا ہے کہ شہر کے مختلف علاقوں میں عوام کی جانب سے شکایات موصول ہوئی ہیں جن میں بجلی کی بندش، پانی کی قلت اور سیوریج کے مسائل شامل ہیں۔ متعلقہ حکام نے یقین دہانی کرائی ہے کہ ان مسائل کو جلد از جلد حل کیا جائے گا اور عوام کو ریلیف فراہم کیا جائے گا۔ اجلاس میں مختلف امور پر تفصیلی غور کیا گیا اور اہم فیصلے کیے گئے۔ حکومت نے عوامی فلاح و بہبود کے منصوبوں کے لیے فنڈز جاری کرنے کا اعلان کیا۔ اس سلسلے میں بتایا گیا ہے کہ شہر کے مختلف علاقوں میں عوام کی جانب سے شکایات موصول ہوئی ہیں جن میں بجلی کی بندش، پانی کی قلت اور سیوریج کے مسائل شامل ہیں۔ متعلقہ حکام نے یقی
32	جنیٹمنر
اس سلسلے میں بتایا گیا ہے کہ شہر کے مختلف علاقوں میں عوام کی جانب سے شکایات موصول ہوئی ہیں جن میں بجلی کی بندش، پانی کی قلت اور سیوریج کے مسائل شامل ہیں۔ متعلقہ
33	جنیٹمنر
اس سلسلے میں بتایا گیا ہے کہ شہر کے مختلف علاقوں میں عوام کی جانب سے شکایات موصول ہوئی ہیں جن میں بجلی کی بندش، پانی کی قلت اور سیوریج کے مسائل شامل ہیں۔ متعلقہ حکام نے یقین دہانی کرائی ہے کہ ان مسائل کو جلد از جلد حل کیا جائے گا اور عوام کو ریلیف فراہم کیا جائے گا۔ اجلاس میں مختلف امور پر تفصیلی غور کیا گیا اور اہم فیصلے کیے گئے۔ حکومت نے عوامی فلاح و بہبود کے منصوبوں کے لیے فنڈز جاری کرنے کا اعلان کیا۔ اس سلسلے میں بتایا گیا ہے کہ شہر کے مختلف علاقوں میں عوام کی جانب سے شکایات موصول ہوئی ہیں جن میں بجلی کی بندش، پانی کی قلت اور سیوریج کے مسائل شامل ہیں۔ متعلقہ حکام نے یقین دہانی کرائی ہے کہ ان مسائل کو جلد از جلد حل کیا جائے گا اور عوام کو ریلیف فراہم کیا جائے گا۔ اجلاس میں مختلف امور پر تفصیلی غور کیا گیا اور اہم فیصلے کیے گئے۔ حکومت نے عوامی فلاح و بہبود کے منصوبوں کے لیے فنڈز جاری کرنے کا اعلان کیا۔ اس سلسلے میں بتایا گیا ہے کہ شہر کے مختلف علاقوں میں عوام کی جانب سے شکایات موصول ہوئی ہیں جن میں بجلی کی بندش، پانی کی قلت اور سیوریج کے مسائل شامل ہیں۔ متعلقہ حکام نے یقین دہانی کرائی ہے کہ ان مسائل کو جلد از جلد حل کیا جائے گا اور عوام کو ریلیف فراہم کیا جائے گا۔ اجلاس میں مختلف امور پر تفصیلی غور کیا گیا اور اہم فیصلے کیے گئے۔ حکومت نے عوامی فلاح و بہبود کے منصوبوں کے لیے فنڈز جاری کرنے کا اعلان کیا۔ اس سلسلے میں بتایا گیا ہے کہ شہر کے مختلف علاقوں میں عوام کی جانب سے شکایات موصول ہوئی ہیں جن میں بجلی کی بندش، پانی کی قلت اور سیوریج کے مسائل شامل ہیں۔ متعلقہ حکام نے یقین دہانی کرائی ہے کہ ان مسائل کو جلد از جلد حل کیا جائے گا اور عوام کو ریلیف فراہم کیا جائے گا۔ اجلاس میں مختلف امور پر تفصیلی غور کیا گیا اور اہم فیصلے کیے گئے۔ حکومت نے عوامی فلاح و بہبود کے منصوبوں کے لیے فنڈز جاری کرنے کا اعلان کیا۔ اس سلسلے میں بتایا گیا ہے کہ شہر کے مختلف علاقوں میں عوام کی جانب سے شکایات موصول ہوئی ہیں جن میں بجلی کی بندش، پانی کی قلت اور سیوریج کے مسائل شامل ہیں۔ متعلقہ حکام نے یقین دہانی کرائی ہے کہ ان مسائل کو جلد از جلد حل کیا جائے گا اور عوام کو ریلیف فراہم کیا جائے گا۔ اجلاس میں مختلف امور پر تفصیلی غور کیا گیا اور اہم فیصلے کیے گئے۔ حکومت نے عوامی فلاح و بہبود کے منصوبوں کے لیے فنڈز جاری کرنے کا اعلان کیا۔ اس سلسلے میں بتایا گیا ہے کہ شہر کے مختلف علاقوں میں عوام کی جانب سے شکایات موصول ہوئی ہیں جن میں بجلی کی بندش، پانی کی قلت اور سیوریج کے مسائل شامل ہیں۔ متعلقہ حکام نے یقین دہانی کرائی ہے کہ ان مسائل کو جلد از جلد حل کیا جائے گا اور عوام کو ریلیف فراہم کیا جائے گا۔ اجلاس میں مختلف امور پر تفصیلی غور کیا گیا اور اہم فیصلے کیے گئے۔ حکومت نے عوامی فلاح و بہبود کے منصوبوں کے لیے فنڈز جاری کرنے کا اعلان کیا۔ اس سلسلے میں بتایا گیا ہے کہ شہر کے مختلف علاقوں میں عوام کی جانب سے شکایات موصول ہوئی ہیں جن میں بجلی کی بندش، پانی کی قلت اور سیوریج کے مسائل شامل ہیں۔ متعلقہ حکام نے یقین دہانی کرائی ہے کہ ان مسائل کو جلد از جلد حل کیا جائے گا اور عوام کو ریلیف فراہم کیا جائے گا۔ اجلاس میں مختلف امور پر تفصیلی غور کیا گیا اور اہم فیصلے کیے گئے۔ حکومت نے عوامی فلاح و بہبود کے منصوبوں کے لیے فنڈز جاری کرنے کا اعلان کیا۔ اس سلسلے میں بتایا گیا ہے کہ شہر کے مختلف علاقوں میں عوام کی جانب سے شکایات موصول ہوئی ہیں جن میں بجلی کی بندش، پانی کی قلت اور سیوریج کے مسائل شامل ہیں۔ متعلقہ حکام نے یقین دہانی کرائی ہے کہ ان مسائل کو جلد از جلد حل کیا جائے گا اور عوام کو ریلیف فراہم کیا جائے گا۔ اجلاس میں مختلف امور پر تفصیلی غور کیا گیا اور اہم فیصلے کیے گئے۔ حکومت نے عوامی فلاح و بہبود کے منصوبوں کے لیے فنڈز جاری کرنے کا اعلان کیا۔ اس سلسلے میں بتایا گیا ہے کہ شہر کے مختلف علاقوں میں عوام کی جانب سے شکایات موصول ہوئی ہیں جن میں بجلی کی بندش، پانی کی قلت اور سیوریج کے مسائل شامل ہیں۔ متعلقہ حکام نے یقین دہانی کرائی ہے کہ ان مسائل کو جلد از جلد حل کیا جائے گا اور عوام کو ریلیف فراہم کیا جائے گا۔ اجلاس میں مختلف امور پر تفصیلی غور کیا گیا اور اہم فیصلے کیے گئے۔ حکومت نے عوامی فلاح و بہبود کے منصوبوں کے لیے فنڈز جاری کرنے کا اعلان کیا۔
34	جنیٹمنر
اس سلسلے میں بتایا گیا ہے کہ شہر کے مختلف علاقوں میں عوام کی جانب سے شکایات موصول ہوئی ہیں جن میں بجلی کی بندش، پانی کی قلت اور سیوریج کے مسائل شامل ہیں۔ متعلقہ حکام نے یقین دہانی کرائی ہے کہ ان مسائل کو جلد از جلد حل کیا جائے گا اور عوام کو ریلیف فراہم کیا جائے گا۔ اجلاس میں مختلف امور پر تفصیلی غور کیا گیا اور اہم فیصلے کیے گئے۔ حکومت نے عوامی فلاح و بہبود کے منصوبوں کے لیے فنڈز جاری کرنے کا اعلان کیا۔ اس سلسلے میں بتایا گیا ہے کہ شہر کے مختلف علاقوں میں عوام کی جانب سے شکایات موصول ہوئی ہیں جن میں بجلی کی بندش، پانی کی قلت اور سیوریج کے مسائل شامل ہیں۔ متعلقہ حکام نے یقین دہانی کرائی ہے کہ ان مسائل کو جلد از جلد حل کیا جائے گا اور عوام کو ریلیف فراہم کیا جائے گا۔ اجلاس میں مختلف امور پر تفصیلی غور کیا گیا اور اہم فیصلے کیے گئے۔ حکومت نے عوامی فلاح و بہبود کے منصوبوں کے لیے فنڈز جاری کرنے کا اعلان کیا۔ اس سلسلے میں بتایا گیا ہے کہ شہر کے مختلف علاقوں میں عوام کی جانب سے شکایات موصول ہوئی ہیں جن میں بجلی کی بندش، پانی کی قلت اور سیوریج کے مسائل شامل ہیں۔ متعلقہ حکام نے یقین دہانی کرائی ہے کہ ان مسائل کو جلد از جلد حل کیا جائے گا اور عوام کو ریلیف فراہم کیا جائے گا۔ اجلاس م
35	جنیٹمنر
اس سلسلے میں بتایا گیا ہے کہ شہر کے مختلف علاقوں میں عوام کی جانب سے شکایات موصول ہوئی ہیں جن میں بجلی کی بندش، پانی کی قلت اور سیوریج کے مسائل شامل ہیں۔ متعلقہ حکام نے یقین دہانی کرائی ہے کہ ان مسائل کو جلد از جلد حل کیا جائے گا اور عوام کو ریلیف فراہم کیا جائے گا۔ اجلاس میں مختلف امور پر تفصیلی غور کیا گیا اور اہم فیصلے کیے گئے۔ حکومت نے عوامی فلاح و بہبود کے منصوبوں کے لیے فنڈز جاری کرنے کا اعلان کیا۔ اس سلسلے میں بتایا گیا ہے کہ شہر کے مختلف علاقوں میں عوام کی جانب سے شکایات موصول ہوئی ہیں جن میں بجلی کی بندش، پانی کی قلت اور سیوریج کے مسائل شامل ہیں۔ متعلقہ حکام نے یقین دہانی کرائی ہے کہ ان مسائل کو جلد از جلد حل کیا جائے گا اور عوام کو ریلیف فراہم کیا جائے گا۔ اجلاس میں مختلف امور پر تفصیلی غور کیا گیا اور اہم فیصلے کیے گئے۔ حکومت نے عوامی فلاح و بہبود کے منصوبوں کے لیے فنڈز جاری کرنے کا اعلان کیا۔ اس سلسلے میں بتایا گیا ہے کہ شہر کے مختلف علاقوں میں عوام کی جانب سے شکایات موصول ہوئی ہیں جن میں بجلی کی بندش، پانی کی قلت اور سیوریج کے مسائل شامل ہیں۔ متعلقہ حکام نے یقین دہانی کرائی
اس سلسلے میں بتایا گیا ہے کہ شہر کے مختلف علاقوں میں عوام کی جانب سے شکایات موصول ہوئی ہیں جن میں بجلی کی بندش، پانی کی قلت اور سیوریج کے مسائل شامل ہیں۔ متعلقہ حکام نے یقین دہانی کرائی ہے کہ ان مسائل کو جلد از جلد حل کیا جائے گا اور عوام کو ریلیف فراہم کیا جائے گا۔ اجلاس میں مختلف امور پر تفصیلی غور کیا گیا اور اہم فیصلے کیے گئے۔ حکومت نے عوامی فلاح و بہبود کے منصوبوں کے لیے فنڈز جاری کرنے کا اعلان کیا۔ اس سلسلے میں بتایا گیا ہے کہ شہر کے مختلف علاقوں میں عوام کی جانب سے شکایات موصول ہوئی ہیں جن میں بجلی کی بندش، پانی کی قلت اور سیوریج کے مسائل شامل ہیں۔ متعلقہ حکام نے یقین دہانی کرائی ہے کہ ان مسائل کو جلد از جلد حل کیا جائے گا اور عوام کو ریلیف فراہم کیا جائے گا۔ اجلاس میں مختلف امور پر تفصیلی غور کیا گیا اور اہم فیصلے کیے گئے۔ حکومت نے عوامی فلاح و بہبود کے منصوبوں کے لیے فنڈز جاری کرنے کا اعلان کیا۔ اس سلسلے میں بتایا گیا ہے کہ شہر کے مختلف علاقوں میں عوام کی جانب سے شکایات موصول ہوئی ہیں جن میں بجلی کی بندش، پانی کی قلت اور سیوریج کے مسائل شامل ہیں۔ متعلقہ حکام نے یقین دہانی کرائی
36	جنیٹمنر
اس سلسلے میں بتایا گیا ہے کہ شہر کے مختلف علاقوں میں عوام کی جانب سے شکایات موصول ہوئی ہیں جن میں بجلی کی بندش، پانی کی قلت اور سیوریج کے مسائل شامل ہیں۔ متعلقہ حکام نے یقین دہانی کرائی ہے کہ ان مسائل کو جلد از جلد حل کیا جائے گا اور عوام کو ریلیف فراہم کیا جائے گا۔ اجلاس میں مختلف امور پر تفصیلی غور کیا گیا اور اہم فیصلے کیے گئے۔ حکومت نے عوامی فلاح و بہبود کے منصوبوں کے لیے فنڈز جاری کرنے کا اعلان کیا۔ اس سلسلے میں بتایا گیا ہے کہ شہر کے مختلف علاقوں میں عوام کی جانب سے شکایات موصول ہوئی ہیں جن میں بجلی کی بندش، پانی کی قلت اور سیوریج کے مسائل شامل ہیں۔ متعلقہ حکام نے یقین دہانی کرائی ہے کہ ان مسائل کو جلد از جلد حل کیا جائے گا اور عوام کو ریلیف فراہم کیا جائے گا۔ اجلاس میں مختلف امور پر تفصیلی غور کیا گیا اور اہم فیصلے کیے گئے۔ حکومت نے عوامی فلاح و بہبود کے منصوبوں کے لیے فنڈز جاری کرنے کا اعلان کیا۔ اس سلسلے میں بتایا گیا ہے کہ شہر کے مختلف علاقوں میں عوام کی جانب سے شکایات موصول ہوئی ہیں جن میں بجلی کی بندش، پانی کی قلت اور سیوریج کے مسائل شامل ہیں۔ متعلقہ حکام نے یقین دہانی کرائی ہے کہ ان مسائل کو جلد از جلد حل کیا جائے گا اور عوام کو ریلیف فراہم کیا جائے گا۔ اجلاس میں مختلف امور پر تفصیلی غور کیا گیا اور اہم فیصلے کیے گئے۔ حکومت نے عوامی فلاح و بہبود کے منصوبوں کے لیے فنڈز جاری کرنے کا اعلان کیا۔ اس سلسلے میں بتایا گیا ہے کہ شہر کے مختلف علاقوں میں عوام کی جانب سے شکایات موصول ہوئی ہیں جن میں بجلی کی بندش، پانی کی قلت اور سیوریج کے مسائل شامل ہیں۔ متعلقہ حکام نے یقین دہانی کرائی ہے کہ ان مسائل کو جلد از جلد حل کیا جائے گا اور عوام کو ریلیف فراہم کیا جائے گا۔ اجلاس میں مختلف امور پر تفصیلی غور کیا گیا اور اہم فیصلے کیے گئے۔ حکومت نے عوامی فلاح و بہبود کے منصوبوں کے لیے فنڈز جاری کرنے کا اعلان کیا۔ اس سلسلے میں بتایا گیا ہے کہ شہر کے مختلف علاقوں میں عوام کی جانب سے شکایات موصول ہوئی ہیں جن میں بجلی کی بندش، پانی کی قلت اور سیوریج کے مسائل شامل ہیں۔ متعلقہ حکام نے یقین دہانی کرائی ہے کہ ان مسائل کو جلد از جلد حل کیا جائے گا اور عوام کو ریلیف فراہم کیا جائے گا۔ اجلاس میں مختلف امور پر تفصیلی غور کیا گیا اور اہم فیصلے کیے گئے۔ حکومت نے عوامی فلاح و بہبود کے منصوبوں کے لیے
37	جنیٹمنر
اس سلسلے میں بتایا گیا ہے کہ شہر کے مختلف علاقوں میں عوام کی جانب سے شکایات موصول ہوئی ہیں جن میں بجلی کی بندش، پانی کی قلت اور سیوریج کے مسائل شامل ہیں۔ متعلقہ حکام نے یقین دہانی کرائی ہے کہ ان مسائل کو جلد از جلد حل کیا جائے گا اور عوام کو ریلیف فراہم کیا جائے گا۔ اجلاس میں مختلف امور پر تفصیلی غور کیا گیا اور اہم فیصلے کیے گئے۔ حکومت نے عوامی فلاح و بہبود کے منصوبوں کے لیے فنڈز جاری کرنے کا اعلان کیا۔ اس سلسلے میں بتایا گیا ہے کہ شہر کے مختلف علاقوں میں عوام کی جانب سے شکایات موصول ہوئی ہیں جن میں بجلی کی بندش، پانی کی قلت اور سیوریج کے مسائل شامل ہیں۔ متعلقہ حکام نے یقین دہانی کرائی ہے کہ ان مسائل کو جلد از جلد حل کیا جائے گا اور عوام کو ریلیف فراہم کیا جائے گا۔ اجلاس میں مختلف امور پر تفصیلی غور کیا گیا اور اہم فیصلے کیے گئے۔ حکومت نے عوامی فلاح و بہبود کے منصوبوں کے لیے فنڈز جاری کرنے کا اعلان کیا۔ اس سلسلے میں بتایا گیا ہے کہ شہر کے مختلف علاقوں میں عوام کی جانب سے شکایات موصول ہوئی ہیں جن میں بجلی کی بندش، پانی کی قلت اور سیوریج کے مسائل شامل ہیں۔ متعلقہ حکام نے یقین دہانی کرائی ہے کہ ان مسائل کو جلد از جلد حل کیا جائے گا اور عوام کو ریلیف فراہم کیا جائے گا۔ اجلاس میں مختلف امور پر تفصیلی غور کیا گیا اور اہم فیصلے کیے گئے۔ حکومت نے عوامی فلاح و بہبود کے منصوبوں کے لیے فنڈز جاری کرنے کا اعلان کیا۔ اس سلسلے میں بتایا گیا ہے کہ شہر کے مختلف علاقوں میں عوام کی جانب سے شکایات موصول ہوئی ہیں جن میں بجلی کی بندش، پانی کی قلت اور سیوریج کے مسائل شامل ہیں۔ متعلقہ حکام نے یقین دہانی کرائی ہے کہ ان مسائل کو جلد از جلد حل کیا جائے گا اور عوام کو ریلیف فراہم کیا جائے گا۔ اجلاس میں مختلف امور پر تفصیلی غور کیا گیا اور اہم فیصلے کیے گئے۔ حکومت نے عوامی فلاح و بہبود کے منصوبوں کے لیے فنڈز جاری کرنے کا اعلان کیا۔ اس سلسلے میں بتایا گیا ہے کہ شہر کے مختلف علاقوں میں عوام کی جانب سے شکایات موصول ہوئی ہیں جن میں بجلی کی بندش، پانی کی قلت اور سیوریج کے مسائل شامل ہیں۔ متعلقہ حکام نے یقین دہانی کرائی ہے کہ ان مسائل کو جلد از جلد حل کیا جائے گا اور عوام کو ریلیف فراہم کیا جائے گا۔ اجلاس میں مختلف امور پر تفصیلی غور کیا گیا اور اہم فیصلے کیے گئے۔ حکومت نے عوامی فلاح و بہبود کے منصوبوں کے لیے فنڈز جاری کرنے کا اعلان کیا۔ اس سلسلے میں بتایا گیا ہے کہ شہر کے مختلف علاقوں میں عوام کی جانب سے شکایات موصول ہوئی ہیں جن میں بجلی کی بندش، پانی کی قلت اور سیوریج کے مسائل شامل ہیں۔ متعلقہ حکام نے یقین دہانی کرائی ہے کہ ان مسائل کو جلد از جلد حل کیا جائے گا اور عوام کو ریلیف فراہم کیا جائے گا۔ اجلاس میں مختلف امور پر تفصیلی غور کیا گیا اور اہم فیصلے کیے گئے۔ حکومت نے عوامی فلاح و بہبود کے منصوبوں کے لیے فنڈز جاری کرنے کا اعلان کیا۔ اس سلسلے میں بتایا گیا ہے کہ شہر کے مختلف علاقوں میں عوام کی جانب سے شکایات موصول ہوئی ہیں جن میں بجلی کی بندش، پانی کی قلت اور سیوریج کے مسائل شامل ہیں۔ متعلقہ حکام نے یقین دہانی کرائی ہے کہ ان مسائل کو جلد از جلد حل کیا جائے گا اور عوام کو ریلیف فراہم کیا جائے گا۔ اجلاس میں مختلف امور پر تفصیلی غور کیا گیا اور اہم فیصلے کیے گئے۔ حکومت نے عوامی فلاح و بہبود کے منصوبوں کے لیے فنڈز جاری کرنے کا اعلان کیا۔ اس سلسلے میں بتایا گیا ہے کہ شہر کے مختلف علاقوں میں عوام کی جانب سے شکایات موصول ہوئی ہیں جن میں بجلی کی بندش، پانی کی قلت اور سیوریج کے مسائل شامل ہیں۔ متعلقہ حکام نے یقین دہانی کرائی ہے کہ ان مسائل کو جلد از جلد حل کیا جائے گا اور عوام کو ریلیف فراہم کیا جائے گا۔ اجلاس میں مختلف امور پر تفصیلی غور کیا گیا اور اہم فیصلے کیے گئے۔ حکومت نے عوامی فلاح و بہبود کے منصوبوں کے لیے فنڈز جاری کرنے کا اعلان کیا۔ اس سلسلے میں بتایا گیا ہے کہ شہر کے مختلف علاقوں میں عوام کی جانب سے شکایات موصول ہوئی ہیں جن میں بجلی کی بندش، پانی کی قلت اور سیوریج کے مسائل شامل ہیں۔ متعلقہ حکام نے یقین دہانی کرائی ہے کہ ان مسائل کو جلد از جلد حل کیا جائے گا اور عوام کو ریلیف فراہم کیا جائے گا۔ اجلاس میں مختلف امور پر تفصیلی غور کیا گیا اور اہم فیصلے کیے گئے۔ حکومت نے عوامی فلاح و بہبود کے منصوبوں کے لیے فنڈز جاری کرنے کا اعلان کیا۔ اس سلسلے میں بتایا گیا ہے کہ شہر کے مختلف علاقوں میں عوام کی جانب سے شکایات موصول ہوئی ہیں جن میں بجلی کی بندش، پانی کی قلت اور سیوریج کے مسائل شامل ہیں۔ متعلقہ حکام نے یقین دہانی کرائی ہے کہ ان مسائل کو جلد از جلد حل کیا جائے گا اور عوام کو ریلیف فراہم کیا جائے گا۔ اجلاس میں مختلف امور پر تفصیلی غور کیا گیا اور اہم فیصلے کیے گئے۔ حکومت نے عوامی فلاح و بہبود کے منصوبوں کے لیے فنڈز جاری کرنے کا اعلان کیا۔ اس سلسلے میں بتایا گیا ہے کہ شہر کے مختلف علاقوں میں عوام کی جانب سے شکایات موصول ہوئی ہیں جن میں بجلی کی بندش، پانی کی قلت اور سیوریج کے مسائل شامل ہیں۔ متعلقہ حکام نے یقین دہانی کرائی ہے کہ ان مسائل کو جلد از جلد حل کیا جائے گا اور عوام کو ریلیف فراہم کیا جائے گا۔ اجلاس میں مختلف امور پر تفصیلی غور کیا گیا اور اہم فیصلے کیے گئے۔ حکومت نے عوامی فلاح و بہبود کے منصوبوں کے لیے فنڈز جاری کرنے کا اعلان کیا۔ اس سلسلے میں بتایا گیا ہے کہ شہر کے مختلف علاقوں میں عوام کی جانب سے شکایات موصول ہوئی ہیں جن میں بجلی کی بندش، پانی کی قلت اور سیوریج کے مسائل شامل ہیں۔ متعلقہ حکام نے یقین دہانی کرائی ہے کہ ان مسائل کو جلد از جلد حل کیا جائے گا اور عوام کو ریلیف فراہم کیا جائے گا۔ اجلاس میں مختلف امور پر تفصیلی غور کیا گیا اور اہم فیصلے کیے گئے۔ حکومت نے عوامی فلاح و بہبود کے منصوبوں کے لیے فنڈز جاری کرنے کا اعلان کیا۔
اس سلسلے میں بتایا گیا ہے کہ شہر کے مختلف علاقوں میں عوام کی جانب سے شکایات موصول ہوئی ہیں جن میں بجلی کی بندش، پانی کی قلت اور سیوریج کے مسائل شامل ہیں۔ متعلقہ حکام نے یقین دہانی کرائی ہے کہ ان مسائل کو جلد از جلد حل کیا جائے گا اور عوام کو ریلیف فراہم کیا جائے گا۔ اجلاس میں مختلف امور پر تفصیلی غور کیا گیا اور اہم فیصلے کیے گئے۔ حکومت نے عوامی فلاح و بہبود کے منصوبوں کے لیے فنڈز جاری کرنے کا اعلان کیا۔ اس سلسلے میں بتایا گیا ہے کہ شہر کے مختلف علاقوں میں عوام کی جانب سے شکایات موصول ہوئی ہیں جن میں بجلی کی بندش، پانی کی قلت اور سیوریج کے مسائل شامل ہیں۔ متعلقہ حکام نے یقین دہانی کرائی ہے کہ ان مسائل کو جلد از جلد حل کیا جائے گا اور عوام کو ریلیف فراہم کیا جائے گا۔ اجلاس میں مختلف امور پر تفصیلی غور کیا گیا اور اہم فیصلے کیے گئے۔ حکومت نے عوا
اس سلسلے میں بتایا گیا ہے کہ شہر کے مختلف علاقوں میں عوام کی جانب سے شکایات موصول ہوئی ہیں جن میں بجلی کی بندش، پانی کی قلت اور سیوریج کے مسائل شامل ہیں۔ متعلقہ حکام نے یقین دہانی کرائی ہے کہ ان مسائل کو جلد از جلد حل کیا جائے گا اور عوام کو ریلیف فراہم کیا جائے گا۔ اجلاس میں مختلف امور پر تفصیلی غور کیا گیا اور اہم فیصلے کیے گئے۔ حکومت نے عوامی فلاح و بہبود کے منصوبوں کے لیے فنڈز جاری کرنے کا اعلان کیا۔ اس سلسلے میں بتایا گیا ہے کہ شہر کے مختلف علاقوں میں عوام کی جانب سے شکایات موصول ہوئی ہیں جن میں بجلی کی بندش، پانی کی قلت اور سیوریج کے مسائل شامل ہیں۔ متعلقہ حکام نے یقین دہانی کرائی ہے کہ ان مسائل کو جلد از جلد حل کیا جائے گا اور عوام کو ریلیف فراہم کیا جائے گا۔ اجلاس میں مختلف امور پر تفصیلی غور کیا گیا اور اہم فیصلے کیے گئے۔ حکومت نے عوامی فلاح و بہبود کے منصوبوں کے لیے فنڈز جاری کرنے کا اعلان کیا۔ اس سلسلے میں بتایا گیا ہے کہ شہر کے مختلف علاقوں میں عوام کی جانب سے شکایات موصول ہوئی ہیں جن میں بجلی کی بندش، پانی کی قلت اور سیوریج کے مسائل شامل ہیں۔ متعلقہ حکام نے یقین دہانی کرائی ہے کہ ان مسائل کو جلد از جلد حل کیا جائے گا اور عوام کو ریلیف فراہم کیا جائے گا۔ اجلاس میں مختلف امور پر تفصیلی غور کیا گیا اور اہم فیصلے کیے گئے۔ حکومت نے عوامی فلاح و بہبود کے منصوبوں کے لیے فنڈز جاری کرنے کا اعلان کیا۔ اس سلسلے میں بتایا گیا ہے کہ شہر کے مختلف علاقوں میں عوام کی جانب سے شکایات موصول ہوئی ہیں جن میں بجلی کی بندش، پانی کی قلت اور سیوریج کے مسائل شامل ہیں۔ متعلقہ حکام نے یقین دہانی کرائی ہے کہ ان مسائل کو جلد از جلد حل کیا جائے گا اور عوام کو ریلیف فراہم کیا جائے گا۔ اجلاس میں مختلف امور پر تفصیلی غور کیا گیا اور اہم فیصلے کیے گئے۔ حکومت نے عوامی فلاح و بہبود کے منصوبوں کے لیے فنڈز جاری کرنے کا اعلان کیا۔ اس سلسلے میں بتایا گیا ہے کہ شہر کے مختلف علاقوں میں عوام کی جانب سے شکایات موصول ہوئی ہیں جن میں بجلی کی بندش، پانی کی قلت اور سیوریج کے مسائل شامل ہیں۔ متعلقہ حکام نے یقین دہانی کرائی ہے کہ ان مسائل کو جلد از جلد حل کیا جائے گا اور عوام کو ریلیف فراہم کیا جائے گا۔ اجلاس میں مختلف امور پر تفصیلی غور کیا گیا اور اہم فیصلے کیے گئے۔ حکومت نے عوامی فلاح و بہبود کے منصوبوں کے لیے فنڈز جاری کرنے کا اعلان کیا۔ اس سلسلے میں بتایا گیا ہے کہ شہر کے مختلف علاقوں میں عوام کی جانب سے شکایات موصول ہوئی ہیں جن میں بجلی کی بندش، پانی کی قلت اور سیوریج کے مسائل شامل ہیں۔ متعلقہ حکام نے یقین دہانی کرائی ہے کہ ان مسائل کو جلد از جلد حل کیا جائے گا اور عوام کو ریلیف فراہم کیا جائے گا۔ اجلاس میں مختلف امور پر تفصیلی غور کیا گیا اور اہم فیصلے کیے گئے۔ حکومت نے عوامی فلاح و بہبود کے منصوبوں کے لیے فنڈز جاری کرنے کا اعلان کیا۔ اس سلسلے میں بتایا گیا ہے کہ شہر کے مختلف علاقوں میں عوام کی جانب سے شکایات موصول ہوئی ہیں جن میں بجلی کی بندش، پانی کی قلت اور سیوریج کے مسائل شامل ہیں۔ متعلقہ حکام نے یقین دہانی کرائی ہے کہ ان مسائل کو جلد از جلد حل کیا جائے گا اور عوام کو ریلیف فراہم کیا جائے گا۔ اجلاس میں مختلف امور پر تفصیلی غور کیا گیا اور اہم فیصلے کیے گئے۔ حکومت نے عوامی فلاح و بہبود کے منصوبوں کے لیے فنڈز جاری کرنے کا اعلان کیا۔ اس سلسلے میں بتایا گیا ہے کہ شہر کے مختلف علاقوں میں عوام کی جانب سے شکایات موصول ہوئی ہیں جن میں بجلی کی بندش، پانی کی قلت اور سیوریج کے مسائل شامل ہیں۔ متعلقہ حکام نے یقین دہانی کرائی ہے کہ ان مسائل کو جلد از جلد حل کیا جائے گا اور عوام کو ریلیف فراہم کیا جائے گا۔ اجلاس میں مختلف امور پر تفصیلی غور کیا گیا اور اہم فیصلے کیے گئے۔ حکومت نے عوامی فلاح و بہبود کے منصوبوں کے لیے فنڈز جاری کرنے کا اعلان کیا۔ اس سلسلے میں بتایا گیا ہے کہ شہر کے مختلف علاقوں میں عوام کی جانب سے شکایات موصول ہوئی ہیں جن میں بجلی کی بندش، پانی کی قلت اور سیوریج کے مسائل شامل ہیں۔ متعلقہ حکام نے یقین دہانی کرائی ہے کہ ان مسائل کو جلد از جلد حل کیا جائے گا اور عوام کو ریلیف فراہم کیا جائے گا۔ اجلاس میں مختلف امور پر تفصیلی غور کیا گیا اور اہم فیصلے کیے گئے۔ حکومت نے عوامی فلاح و بہبود کے منصوبوں کے لیے فنڈز جاری کرنے کا اعلان کیا۔ اس سلسلے میں بتایا گیا ہے کہ شہر کے مختلف علاقوں میں عوام کی جانب سے شکایات موصول ہوئی ہیں جن میں بجلی کی بندش، پانی کی قلت اور سیوریج کے مسائل شامل ہیں۔ متعلقہ حکام نے یقین دہانی کرائی ہے کہ ان مسائل کو جلد از جلد حل کیا جائے گا اور عوام کو ریلیف فراہم کیا جائے گا۔ اجلاس میں مختلف امور پر تفصیلی غور کیا گیا اور اہم فیصلے کیے گئے۔ حکومت نے عوامی فلاح و بہبود کے منصوبوں کے لیے فنڈز جاری کرنے کا اعلان کیا۔
38	جنیٹمنر
اس سلسلے میں بتایا گیا ہے کہ شہر کے مختلف علاقوں میں عوام کی جانب سے شکایات موصو
39	جنیٹمنر
اس سلسلے میں بتایا گیا ہے کہ شہر کے مختلف علاقوں میں عوام کی جانب سے شکایات موصول ہوئی ہیں جن میں بجلی کی بندش، پانی کی قلت اور سیوریج کے مسائل شامل ہیں۔ متعلقہ حکام نے یقین دہانی کرائی ہے کہ ان مسائل کو جلد از جلد حل کیا جائے گا اور عوام کو ریلیف فراہم کیا جائے گا۔ اجلاس میں مختلف امور پر تفصیلی غور کیا گیا اور اہم فیصلے کیے گئے۔ حکومت نے عوامی فلاح و بہبود کے منصوبوں کے لیے فنڈز جاری کرنے کا اعلان کیا۔ اس سلسلے میں بتایا گیا ہے کہ شہر کے مختلف علاقوں میں عوام کی جانب سے شکایات موصول ہوئی ہیں جن میں بجلی کی بندش، پانی کی قلت اور سیوریج کے مسائل شامل ہیں۔ متعلقہ حکام نے یقین دہانی کرائی ہے کہ ان مسائل کو جلد از جلد حل کیا جائے گا اور عوام کو ریلیف فراہم کیا جائے گا۔ اجلاس میں مختلف امور پر تفصیلی غور کیا گیا اور اہم فیصلے کیے گئے۔ حکومت نے عوامی فلاح و بہبود کے منصوبوں کے لیے فنڈز جاری کرنے کا اعلان کیا۔ اس سلسلے میں بتایا گیا ہے کہ شہر کے مختلف علاقوں میں عوام کی جانب سے شکایات موصول ہوئی ہیں جن میں بجلی کی بندش، پانی کی قلت اور سیوریج کے مسائل شامل ہیں۔ متعلقہ حکام نے یقین دہانی کرائی ہے کہ ان مسائل کو جلد از جلد حل کیا جائے گا اور عوام کو ریلیف فراہم کیا جائے گا۔ اجلاس میں مختلف امور پر تفصیلی غور کیا گیا اور اہم فیصلے کیے گئے۔ حکومت نے عوامی فلاح و بہبود کے منصوبوں کے لیے فنڈز جاری کرنے کا اعلان کیا۔ اس سلسلے میں بتایا گیا ہے کہ شہر کے مختلف علاقوں میں عوام کی جانب سے شکایات موصول ہوئی ہیں جن میں بجلی کی بندش، پانی کی قلت اور سیوریج کے مسائل شامل ہیں۔ متعلقہ حکام نے یقین دہانی کرائی ہے کہ ان مسائل کو جلد از جلد حل کیا جائے گا اور عوام کو ریلیف فراہم کیا جائے گا۔ اجلاس میں مختلف امور پر تفصیلی غور کیا گیا اور اہم فیصلے کیے گئے۔ حکومت نے عوامی فلاح و بہبود کے منصوبو
40	جنیٹمنر
اس سلسلے میں بتایا گیا ہے کہ شہر کے مختلف علاقوں میں عوام کی جانب سے شکایات موصول ہوئی ہیں جن میں بجلی کی بندش، پانی کی قلت اور سیوریج کے مسائل شامل ہیں۔ متعلقہ حکام نے یقین دہانی کرائی ہے کہ ان مسائل کو جلد از جلد حل کیا جائے گا اور عوام کو ریلیف فراہم کیا جائے گا۔ اجلاس میں مختلف امور پر تفصیلی غور کیا گیا اور اہم فیصلے کیے گئے۔ حکومت نے عوامی فلاح و بہبود کے منصوبوں کے لیے فنڈز جاری کرنے کا اعلان کیا۔ اس سلسلے میں بتایا گیا ہے کہ شہر کے مختلف علاقوں میں عوام کی جانب سے شکایات موصول ہوئی ہیں جن میں بجلی کی بندش، پانی کی قلت اور سیوریج کے مسائل شامل ہیں۔ متعلقہ حکام نے یقین دہانی کرائی ہے کہ ان مسائل کو جلد از جلد حل کیا جائے گا اور عوام کو ریلیف فراہم کیا جائے گا۔ اجلاس میں مختلف امور پر تفصیلی غور کیا گیا اور اہم فیصلے کیے گئے۔ حکومت نے عوامی فلاح و بہبود کے منصوبوں کے لیے فنڈز جاری کرنے کا اعلان کیا۔ اس سلسلے میں بتایا گیا ہے کہ شہر کے مختلف علاقوں میں عوام کی جانب سے شکایات موصول ہوئی ہیں جن میں بجلی کی بندش، پانی کی قلت اور سیوریج کے مسائل شامل ہیں۔ متعلقہ حکام نے یقین دہانی کرائی ہے کہ ان مسائل کو جلد از جلد حل کیا جائے گا اور عوام کو ریلیف فراہم کیا جائے گا۔ اجلاس میں مختلف امور پر تفصیلی غور کیا گیا اور اہم فیصلے کیے گئے۔ حکومت نے عوامی فلاح و بہبود کے منصوبوں کے لیے فنڈز جاری کرنے کا اعلان کیا۔ اس سلسلے میں بتایا گیا ہے کہ شہر کے مختلف علاقوں میں عوام کی جانب سے شکایات موصول ہوئی ہیں جن میں بجلی کی بندش، پانی کی قلت اور سیوریج کے مسائل شامل ہیں۔ متعلقہ حکام نے یقین دہانی کرائی ہے کہ ان مسائل کو جلد از جلد حل کیا جائے گا اور عوام کو ریلیف فراہم کیا جائے گا۔ اجلاس میں مختلف امور پر تفصیلی غور کیا گیا اور اہم فیصلے کیے گئے۔ حکومت نے عوامی فلاح و بہبود کے منصوبو
اس سلسلے میں بتایا گیا ہے کہ شہر کے مختلف علاقوں میں عوام کی جانب سے شکایات موصول ہوئی ہیں جن میں بجلی کی بندش، پانی کی قلت اور سیوریج کے مسائل شامل ہیں۔ متعلقہ حکام نے یقین دہانی کرائی ہے کہ ان مسائل کو جلد از جلد حل کیا جائے گا اور عوام کو ریلیف فراہم کیا جائے گا۔ اجلاس میں مختلف امور پر تفصیلی غور کیا گیا اور اہم فیصلے کیے گئے۔ حکومت نے عوامی فلاح و بہبود کے منصوبوں کے لیے فنڈز جاری کرنے کا اعلان کیا۔ اس سلسلے میں بتایا گیا ہے کہ شہر کے مختلف علاقوں میں عوام کی جانب سے شکایات موصول ہوئی ہیں جن میں بجلی کی بندش، پانی کی قلت اور سیوریج کے مسائل شامل ہیں۔ متعلقہ حکام نے یقین دہانی کرائی ہے کہ ان مسائل کو جلد از جلد حل کیا جائے گا اور عوام کو ریلیف فراہم کیا جا
41	جنیٹمنر
اس سلسلے میں بتایا گیا ہے کہ شہر کے مختلف علاقوں میں عوام کی جانب سے شکایات موصول ہوئی ہیں جن میں بجلی کی بندش، پانی کی قلت اور سیوریج کے مسائل شامل ہیں۔ متعلقہ حکام نے یقین دہانی کرائی ہے کہ ان مسائل کو جلد از جلد حل کیا جائے گا اور عوام کو ریلیف فراہم کیا جائے گا۔ اجلاس میں مختلف امور پر تفصیلی غور کیا گیا اور اہم فیصلے کیے گئے۔ حکومت نے عوامی فلاح و بہبود کے منصوبوں کے لیے فنڈز جاری کرنے کا اعلان کیا۔ اس سلسلے میں بتایا گیا ہے کہ شہر کے مختلف علاقوں میں عوام کی جانب سے شکایات موصول ہوئی ہیں جن میں بجلی کی بندش، پانی کی قلت اور سیوریج کے مسائل شامل ہیں۔ متعلقہ حکام نے یقین دہانی کرائی ہے کہ ان مسائل کو جلد از جلد حل کیا جائے گا اور عوام کو ریلیف فراہم کیا جائے گا۔ اجلاس میں مختلف امور پر تفصیلی غور کیا گیا اور اہم فیصلے کیے گئے۔ حکومت نے عوامی فلاح و بہبود کے منصوبوں کے لیے فنڈز جاری کرنے کا اعلان کیا۔ اس سلسلے میں بتایا گیا ہے کہ شہر کے مختلف علاقوں میں عوام کی جانب سے شکایات موصول ہوئی ہیں جن میں بجلی کی بندش، پانی کی قلت اور سیوریج کے مسائل شامل ہیں۔ متعلقہ حکام نے یقین دہانی کرائی ہے کہ ان مسائل کو جلد از جلد حل کیا جائے گا اور عوام کو ریلیف فراہم کیا جائے گا۔ اجلاس میں مختلف امور پر تفصیلی غور کیا گیا اور اہم فیصلے کیے گئے۔ حکومت نے عوامی فلاح و بہبود کے منصوبوں کے لیے فنڈز جاری کرنے کا اعلان کیا۔ اس سلسلے میں بتایا گیا ہے کہ شہر کے مختلف علاقوں میں عوام کی جانب سے شکایات موصول ہوئی ہیں جن میں بجلی کی بندش، پانی کی قلت اور سیوریج کے مسائل شامل ہیں۔ متعلقہ حکام نے یقین دہانی کرائی ہے کہ ان مسا
42	جنیٹمنر
اس سلسلے میں بتایا گیا ہے کہ شہر کے مختلف علاقوں میں عوام کی جانب سے شکایات موصول ہوئی ہیں جن میں بجلی کی بندش، پانی کی
43	جنیٹمنر
اس سلسلے میں بتایا گیا ہے کہ شہر کے مختلف علاقوں میں عوام کی جانب سے شکایات موصول ہوئی ہیں جن میں بجلی کی بندش، پانی کی
44	جنیٹمنر
اس سلسلے میں بتایا گیا ہے کہ شہر کے مختلف علاقوں میں عوام کی جانب سے شکایات موصول ہوئی ہیں جن میں بجلی کی بندش، پانی کی قلت اور سیوریج کے مسائل شامل ہیں۔ متعلقہ حکام نے یقین دہانی کرائی ہے کہ ان مسائل کو جلد از جلد حل کیا جائے گا اور عوام کو ریلیف فراہم کیا جائے گا۔ اجلاس میں مختلف امور پر تفصیلی غور کیا گیا اور اہم فیصلے کیے گئے۔ حکومت نے عوامی فلاح و بہبود کے منصوبوں کے لیے فنڈز جاری کرنے کا اعلان کیا۔ اس سلسلے میں بتایا گیا ہے کہ شہر کے مختلف علاقوں میں عوام کی جانب سے شکایات موصول ہوئی ہیں جن میں بجلی کی بندش، پانی کی قلت اور سیوریج کے مسائل شامل ہیں۔ متعلقہ حکام نے یقین دہانی کرائی ہے کہ ان مسائل کو جلد از جلد حل کیا جائے گا اور عوام کو ریلیف فراہم کیا جائے گا۔ اجلاس میں مختلف امور پر تفصیلی غور کیا گیا اور اہم فیصلے کیے گئے۔ حکومت نے عوا
45	جنیٹمنر
اس سلسلے میں بتایا گیا ہے کہ شہر کے مختلف علاقوں میں عوام کی جانب سے شکایات موصول ہوئی ہیں جن میں بجلی کی بندش، پانی کی قلت اور سیوریج کے مسائل شامل ہیں۔ متعلقہ حکام نے یقین دہانی کرائی ہے کہ ان مسائل کو جلد از جلد حل کیا جائے گا اور عوام کو ریلیف فراہم کیا جائے گا۔ اجلاس میں مختلف امور پر تفصیلی غور کیا گیا اور اہم فیصلے کیے گئے۔ حکومت نے عوامی فلاح و بہبود کے منصوبوں کے لیے فنڈز جاری کرنے کا اعلان کیا۔
46	جنیٹمنر
اس سلسلے میں بتایا گیا ہے کہ شہر کے مختلف علاقوں میں عوام کی جانب سے شکایات موصول ہوئی ہیں جن میں بجلی کی بندش، پانی کی قلت اور سیوریج کے مسائل شامل ہیں۔ متعلقہ حکام نے یقین دہانی کرائی ہے کہ ان مسائل کو جلد از جلد حل کیا جائے گا اور عوام کو ریلیف ف
47	جنیٹمنر
اس سلسلے میں بتایا گیا ہے کہ شہر کے مختلف علاقوں میں عوام کی جانب سے شکایات موصول ہوئی ہیں جن میں بجلی کی بندش، پانی کی قلت اور سیوریج کے مسائل شامل ہیں۔ متعلقہ حکام نے یقین دہانی کرائی ہے کہ ان مسائل کو جلد از جلد حل کیا جائے گا اور عوام کو ریلیف فراہم کیا جائے گا۔ اجلاس میں مختلف امور پر تفصیلی غور کیا گیا اور اہم فیصلے کیے گئے۔ حکومت نے عوامی فلاح و بہبود کے منصوبوں کے لیے فنڈز جاری کرنے کا اعلان کیا۔
48	جنیٹمنر
اس سلسلے میں بتایا گیا ہے کہ شہر کے مختلف علاقوں میں عوام کی جانب سے شکایات موصول ہوئی ہیں جن میں بجلی کی بندش، پانی کی قلت اور سیوریج کے مسائل شامل ہیں۔ متعلقہ حکام نے یقین دہانی کرائی ہے کہ ان مسائل کو جلد از جلد حل کیا جائے گا اور عوام کو ریلیف فراہم کیا جائے گا۔ اجلاس میں مختلف امور پر تفصیلی غور کیا گیا اور اہم فیصلے کیے گئے۔ حکومت نے عوامی فلاح و بہبود کے منصوبوں کے لیے فنڈز جاری کرنے کا اعلان کیا۔ اس سلسلے میں بتایا گیا ہے کہ شہر کے مختلف علاقوں میں عوام کی جانب سے شکایات موصول ہوئی ہیں جن میں بجلی کی بندش، پانی کی قلت اور سیوریج کے مسائل شامل ہیں۔ متعلقہ حکام نے یقین دہانی کرائی ہے کہ ان مسائل کو جلد از جلد حل کیا جائے گا اور عوام کو ریلیف فراہم کیا جائے گا۔ اجلاس میں مختلف امور پر تفصیلی غور کیا گیا اور اہم فیصلے کیے گئے۔ حکومت نے عوا
49	جنیٹمنر
اس سلسلے میں بتایا گیا ہے کہ شہر کے مختلف علاقوں میں عوام کی جانب سے شکایات موصو
50	جنیٹمنر
اس سلسلے میں بتایا گیا ہے کہ شہر کے مختلف علاقوں میں عوام کی جانب سے شکایات موصول ہوئی ہیں جن میں بجلی کی بندش، پانی کی قلت اور سیوریج کے مسائل شامل ہیں۔ متعلقہ
51	جنیٹمنر
اس سلسلے میں بتایا گیا ہے کہ شہر کے مختلف علاقوں میں عوام کی جانب سے شکایات موصول ہوئی ہیں جن میں بجلی کی بندش، پانی کی قلت اور سیوریج کے مسائل شامل ہیں۔ متعلقہ حکام نے یقین دہانی کرائی ہے کہ ان مسائل کو جلد از جلد حل کیا جائے گا اور عوام کو ریلیف فراہم کیا جائے گا۔ اجلاس میں مختلف امور پر تفصیلی غور کیا گیا اور اہم فیصلے کیے گئے۔ حکومت نے عوامی فلاح و بہبود کے منصوبوں کے لیے فنڈز جاری کرنے کا اعلان کیا۔ اس سلسلے میں بتایا گیا ہے کہ شہر کے مختلف علاقوں میں عوام کی جانب سے شکایات موصول ہوئی ہیں جن میں بجلی کی بندش، پانی کی قلت اور سیوریج کے مسائل شامل ہیں۔ متعلقہ حکام نے یقین دہانی کرائی ہے کہ ان مسائل کو جلد از جلد حل کیا جائے گا اور عوام کو ریلیف فراہم کیا جائے گا۔ اجلاس میں مختلف امور پر تفصیلی غور کیا گیا اور اہم فیصلے کیے گئے۔ حکومت نے عوا
52	جنیٹمنر
اس سلسلے میں بتایا گیا ہے کہ شہر کے مختلف علاقوں میں عوام کی جانب سے شکایات موصول ہوئی ہیں جن میں بجلی کی بندش، پانی کی قلت اور سیوریج کے مسائل شامل ہیں۔ متعلقہ حکام نے یقین دہانی کرائی ہے کہ ان مسائل کو جلد از جلد حل کیا جائے گا اور عوام کو ریلیف فراہم کیا جائے گا۔ اجلاس میں مختلف امور پر تفصیلی غور کیا گیا اور اہم فیصلے کیے گئے۔ حکومت نے عوامی فلاح و بہبود کے منصوبوں کے لیے فنڈز جاری کرنے کا اعلان کیا۔ اس سلسلے میں بتایا گیا ہے کہ شہر کے مختلف علاقوں میں عوام کی جانب سے شکایات موصول ہوئی ہیں جن میں بجلی کی بندش، پانی کی قلت اور سیوریج کے مسائل شامل ہیں۔ متعلقہ حکام نے یقی
